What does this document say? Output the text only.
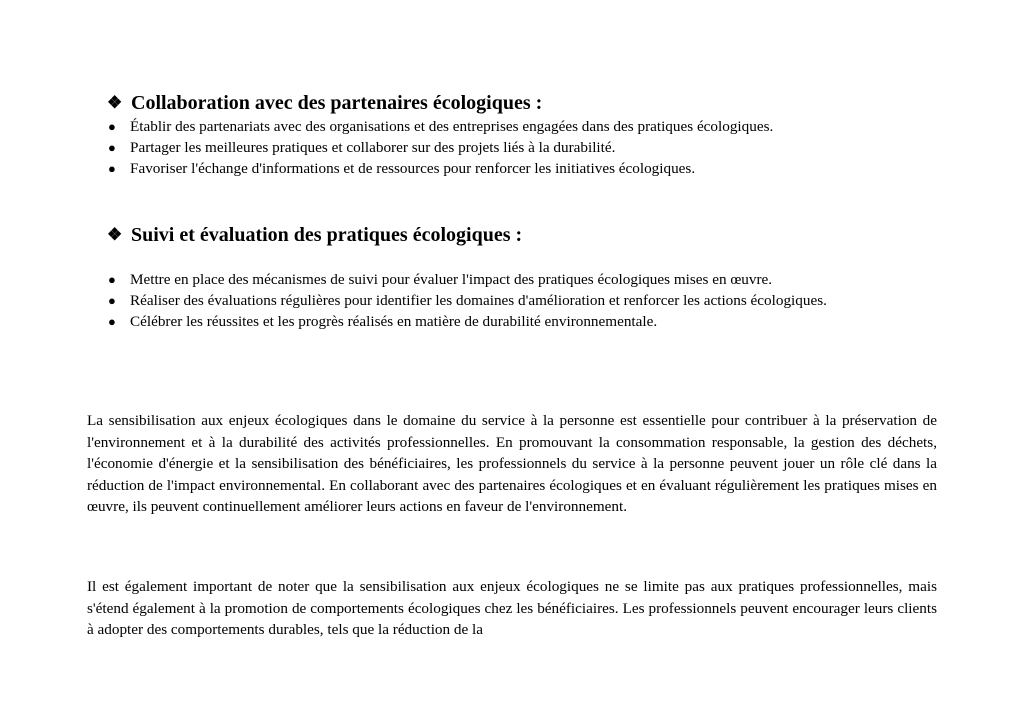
❖ Collaboration avec des partenaires écologiques :
● Établir des partenariats avec des organisations et des entreprises engagées dans des pratiques écologiques.
● Partager les meilleures pratiques et collaborer sur des projets liés à la durabilité.
● Favoriser l'échange d'informations et de ressources pour renforcer les initiatives écologiques.
❖ Suivi et évaluation des pratiques écologiques :
● Mettre en place des mécanismes de suivi pour évaluer l'impact des pratiques écologiques mises en œuvre.
● Réaliser des évaluations régulières pour identifier les domaines d'amélioration et renforcer les actions écologiques.
● Célébrer les réussites et les progrès réalisés en matière de durabilité environnementale.

La sensibilisation aux enjeux écologiques dans le domaine du service à la personne est essentielle pour contribuer à la préservation de l'environnement et à la durabilité des activités professionnelles. En promouvant la consommation responsable, la gestion des déchets, l'économie d'énergie et la sensibilisation des bénéficiaires, les professionnels du service à la personne peuvent jouer un rôle clé dans la réduction de l'impact environnemental. En collaborant avec des partenaires écologiques et en évaluant régulièrement les pratiques mises en œuvre, ils peuvent continuellement améliorer leurs actions en faveur de l'environnement.

Il est également important de noter que la sensibilisation aux enjeux écologiques ne se limite pas aux pratiques professionnelles, mais s'étend également à la promotion de comportements écologiques chez les bénéficiaires. Les professionnels peuvent encourager leurs clients à adopter des comportements durables, tels que la réduction de la
